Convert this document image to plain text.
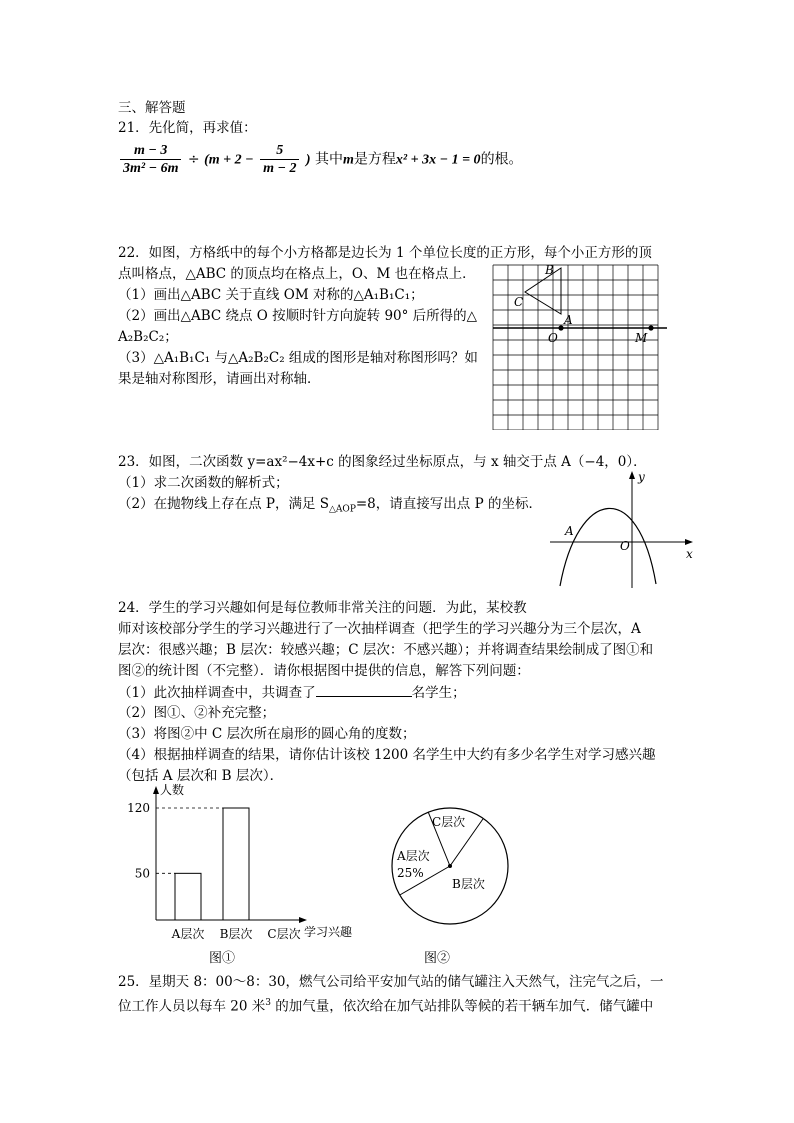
三、解答题
21．先化简，再求值：
$\frac{m - 3}{\text{3m² − 6m}} \div (m + 2 - \frac{5}{m - 2}$ ) 其中m是方程x² + 3x − 1 = 0的根。
22．如图，方格纸中的每个小方格都是边长为 1 个单位长度的正方形，每个小正方形的顶
点叫格点，△ABC 的顶点均在格点上，O、M 也在格点上．
（1）画出△ABC 关于直线 OM 对称的△A₁B₁C₁；
（2）画出△ABC 绕点 O 按顺时针方向旋转 90° 后所得的△
A₂B₂C₂；
（3）△A₁B₁C₁ 与△A₂B₂C₂ 组成的图形是轴对称图形吗？如
果是轴对称图形，请画出对称轴．
B
C
A
O	M
23．如图，二次函数 y=ax²−4x+c 的图象经过坐标原点，与 x 轴交于点 A（−4，0）．
（1）求二次函数的解析式；
（2）在抛物线上存在点 P，满足 $S_{\triangle AOP}=8$，请直接写出点 P 的坐标．
y
x
A
O
24．学生的学习兴趣如何是每位教师非常关注的问题．为此，某校教
师对该校部分学生的学习兴趣进行了一次抽样调查（把学生的学习兴趣分为三个层次，A
层次：很感兴趣；B 层次：较感兴趣；C 层次：不感兴趣）；并将调查结果绘制成了图①和
图②的统计图（不完整）．请你根据图中提供的信息，解答下列问题：
（1）此次抽样调查中，共调查了	名学生；
（2）图①、②补充完整；
（3）将图②中 C 层次所在扇形的圆心角的度数；
（4）根据抽样调查的结果，请你估计该校 1200 名学生中大约有多少名学生对学习感兴趣
（包括 A 层次和 B 层次）．
人数
学习兴趣
50
A层次
120
B层次 C层次
图①
C层次
A层次
25%
B层次
图②
25．星期天 8：00～8：30，燃气公司给平安加气站的储气罐注入天然气，注完气之后，一
位工作人员以每车 20 米$^3$ 的加气量，依次给在加气站排队等候的若干辆车加气．储气罐中
